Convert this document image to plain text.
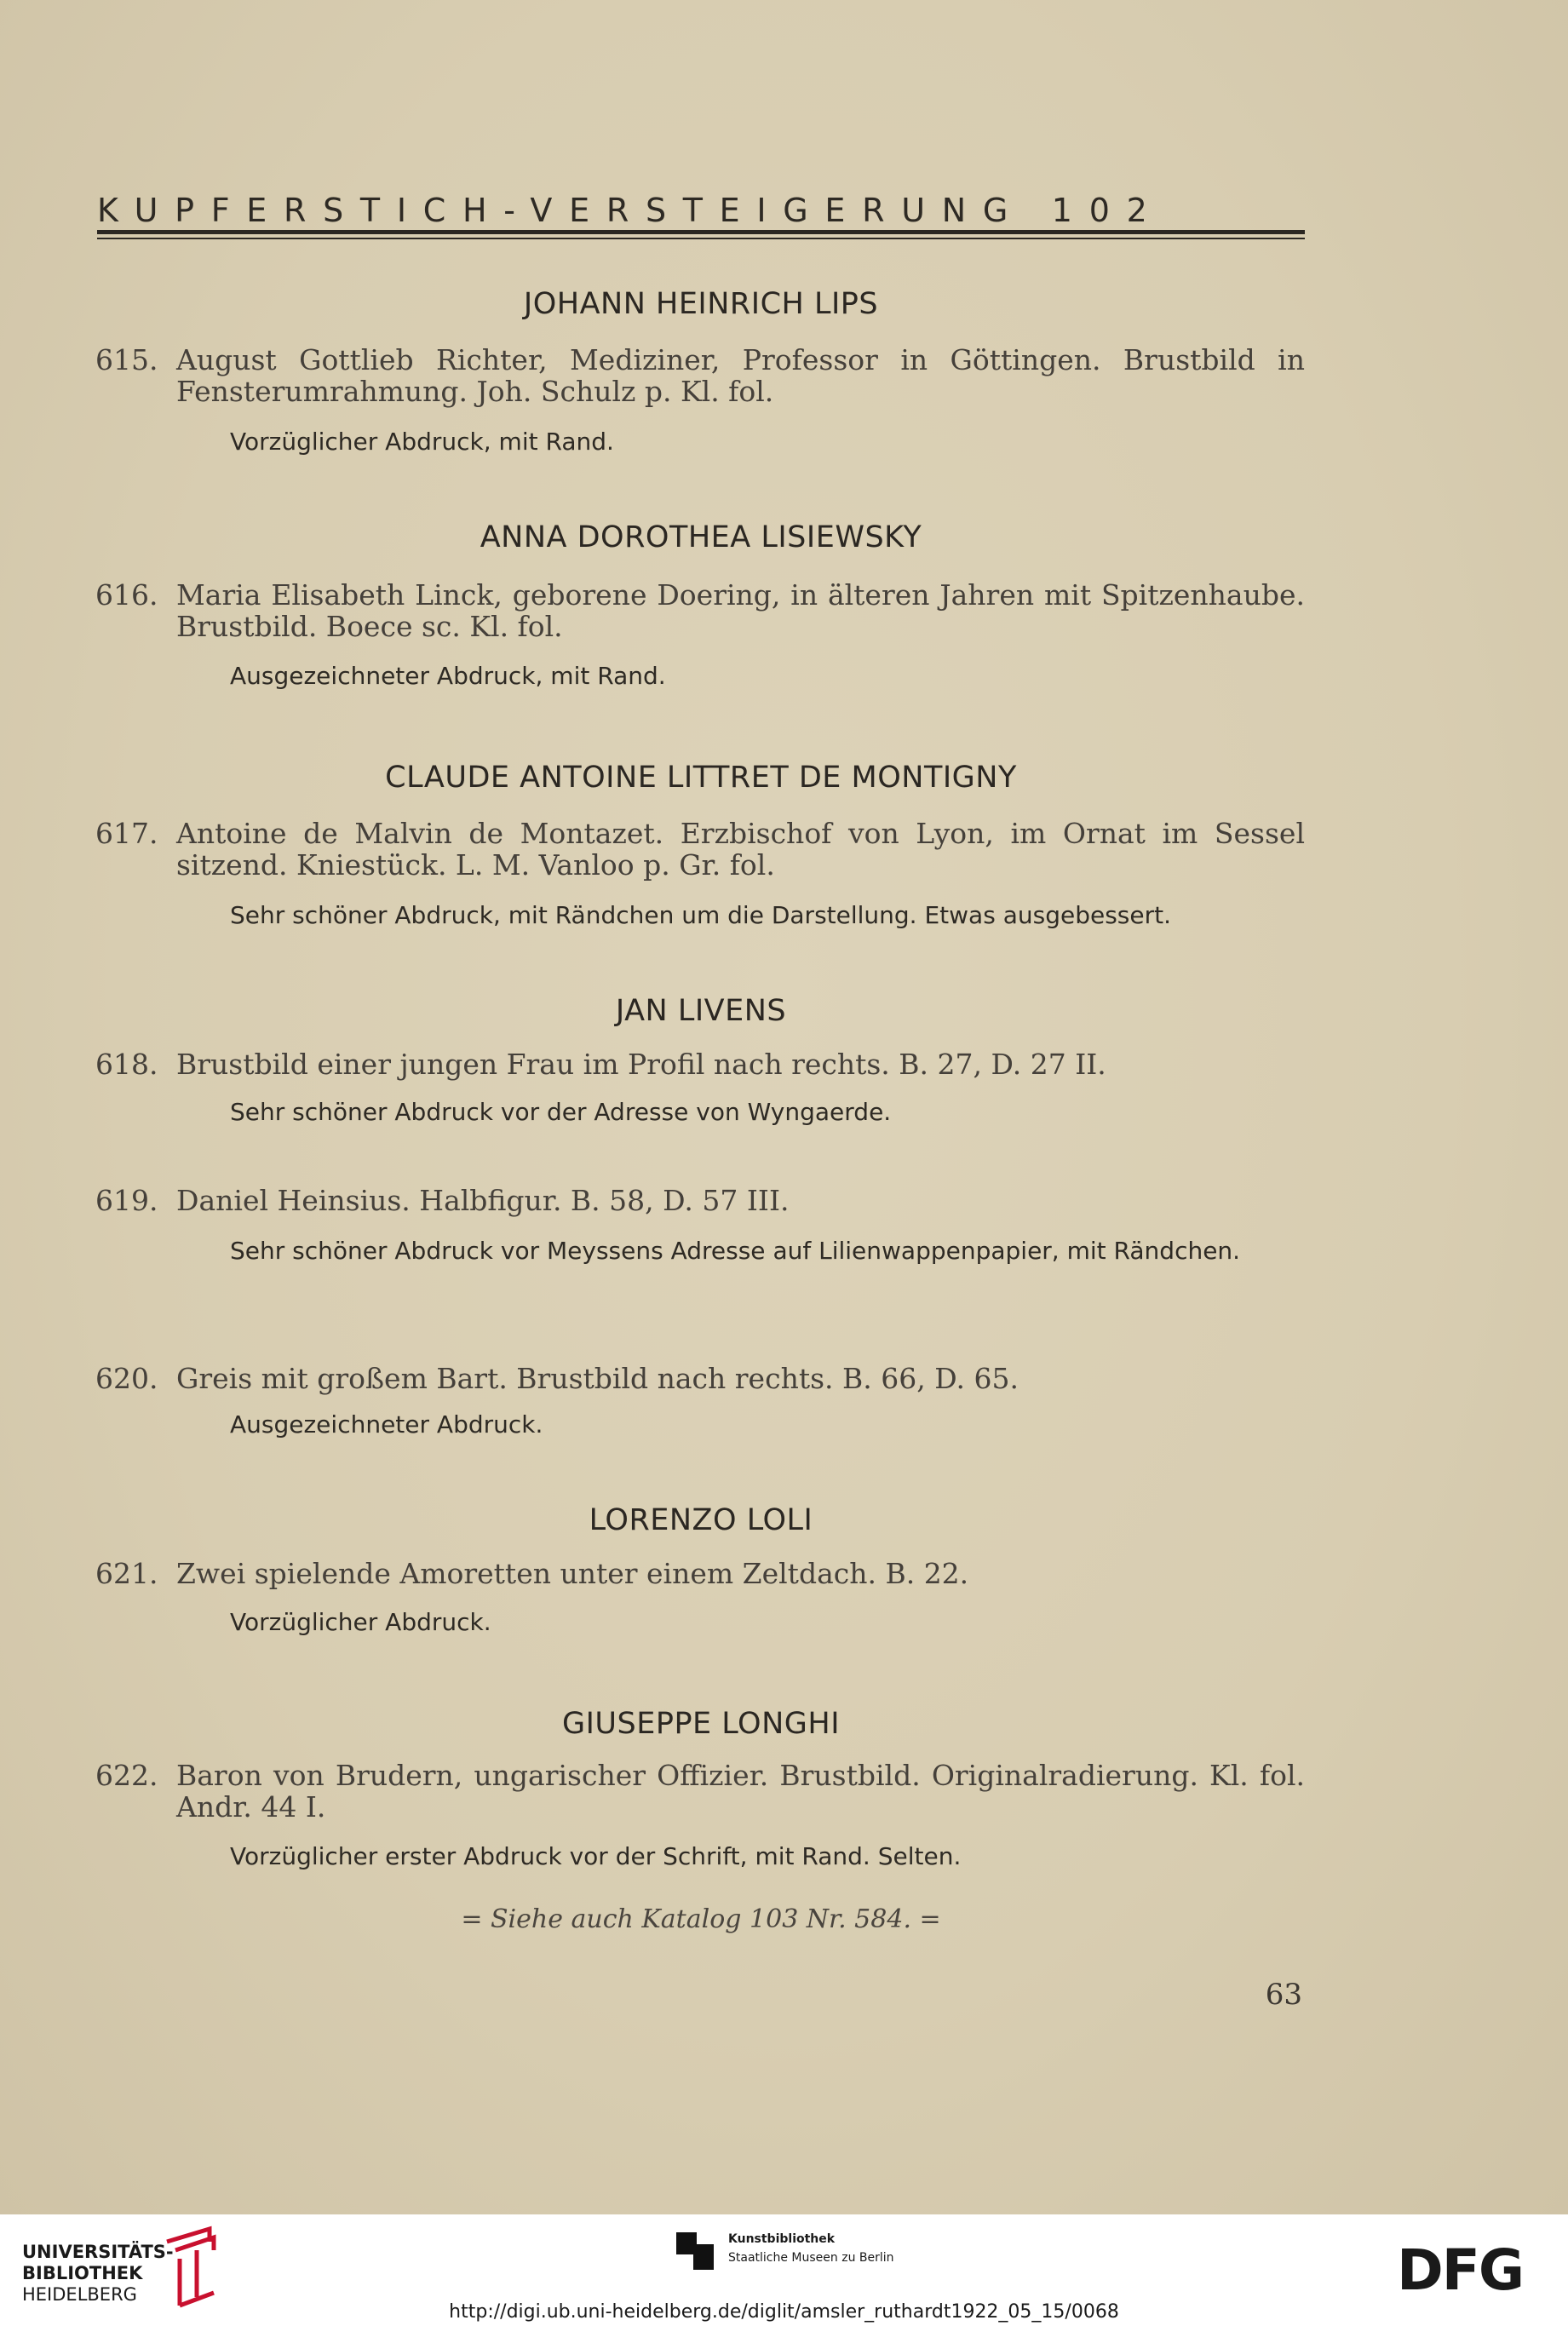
KUPFERSTICH-VERSTEIGERUNG 102
JOHANN HEINRICH LIPS
615. August Gottlieb Richter, Mediziner, Professor in Göttingen. Brustbild in Fensterumrahmung. Joh. Schulz p. Kl. fol.
Vorzüglicher Abdruck, mit Rand.
ANNA DOROTHEA LISIEWSKY
616. Maria Elisabeth Linck, geborene Doering, in älteren Jahren mit Spitzenhaube. Brustbild. Boece sc. Kl. fol.
Ausgezeichneter Abdruck, mit Rand.
CLAUDE ANTOINE LITTRET DE MONTIGNY
617. Antoine de Malvin de Montazet. Erzbischof von Lyon, im Ornat im Sessel sitzend. Kniestück. L. M. Vanloo p. Gr. fol.
Sehr schöner Abdruck, mit Rändchen um die Darstellung. Etwas ausgebessert.
JAN LIVENS
618. Brustbild einer jungen Frau im Profil nach rechts. B. 27, D. 27 II.
Sehr schöner Abdruck vor der Adresse von Wyngaerde.
619. Daniel Heinsius. Halbfigur. B. 58, D. 57 III.
Sehr schöner Abdruck vor Meyssens Adresse auf Lilienwappenpapier, mit Rändchen.
620. Greis mit großem Bart. Brustbild nach rechts. B. 66, D. 65.
Ausgezeichneter Abdruck.
LORENZO LOLI
621. Zwei spielende Amoretten unter einem Zeltdach. B. 22.
Vorzüglicher Abdruck.
GIUSEPPE LONGHI
622. Baron von Brudern, ungarischer Offizier. Brustbild. Originalradierung. Kl. fol. Andr. 44 I.
Vorzüglicher erster Abdruck vor der Schrift, mit Rand. Selten.
= Siehe auch Katalog 103 Nr. 584. =
63
UNIVERSITÄTS-
BIBLIOTHEK
HEIDELBERG
Kunstbibliothek
Staatliche Museen zu Berlin	DFG
http://digi.ub.uni-heidelberg.de/diglit/amsler_ruthardt1922_05_15/0068
